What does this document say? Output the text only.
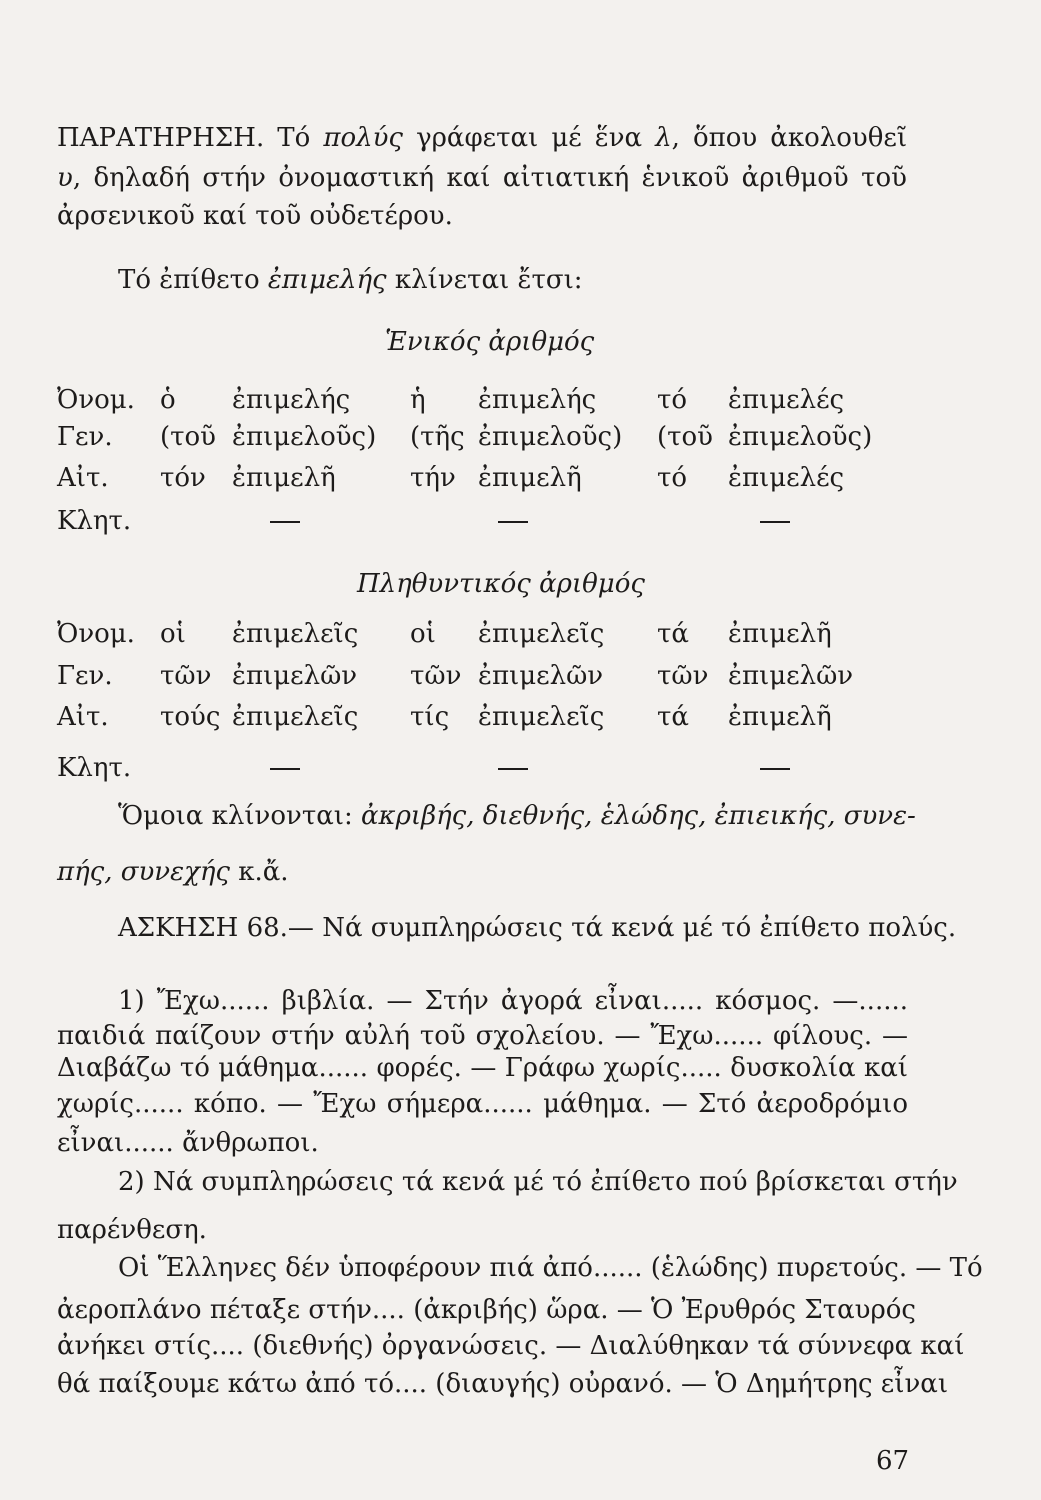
ΠΑΡΑΤΗΡΗΣΗ. Τό πολύς γράφεται μέ ἕνα λ, ὅπου ἀκολουθεῖ
υ, δηλαδή στήν ὀνομαστική καί αἰτιατική ἑνικοῦ ἀριθμοῦ τοῦ
ἀρσενικοῦ καί τοῦ οὐδετέρου.
Τό ἐπίθετο ἐπιμελής κλίνεται ἔτσι:
Ἑνικός ἀριθμός
Ὀνομ. ὁ ἐπιμελής ἡ ἐπιμελής τό ἐπιμελές
Γεν. (τοῦ ἐπιμελοῦς) (τῆς ἐπιμελοῦς) (τοῦ ἐπιμελοῦς)
Αἰτ. τόν ἐπιμελῆ	τήν ἐπιμελῆ	τό ἐπιμελές
Κλητ.
Πληθυντικός ἀριθμός
Ὀνομ. οἱ ἐπιμελεῖς οἱ ἐπιμελεῖς τά ἐπιμελῆ
Γεν. τῶν ἐπιμελῶν τῶν ἐπιμελῶν τῶν ἐπιμελῶν
Αἰτ. τούς ἐπιμελεῖς τίς ἐπιμελεῖς τά ἐπιμελῆ
Κλητ.
Ὅμοια κλίνονται: ἀκριβής, διεθνής, ἑλώδης, ἐπιεικής, συνε-
πής, συνεχής κ.ἄ.
ΑΣΚΗΣΗ 68.— Νά συμπληρώσεις τά κενά μέ τό ἐπίθετο πολύς.
1) Ἔχω...... βιβλία. — Στήν ἀγορά εἶναι..... κόσμος. —......
παιδιά παίζουν στήν αὐλή τοῦ σχολείου. — Ἔχω...... φίλους. —
Διαβάζω τό μάθημα...... φορές. — Γράφω χωρίς..... δυσκολία καί
χωρίς...... κόπο. — Ἔχω σήμερα...... μάθημα. — Στό ἀεροδρόμιο
εἶναι...... ἄνθρωποι.
2) Νά συμπληρώσεις τά κενά μέ τό ἐπίθετο πού βρίσκεται στήν
παρένθεση.
Οἱ Ἕλληνες δέν ὑποφέρουν πιά ἀπό...... (ἑλώδης) πυρετούς. — Τό
ἀεροπλάνο πέταξε στήν.... (ἀκριβής) ὥρα. — Ὁ Ἐρυθρός Σταυρός
ἀνήκει στίς.... (διεθνής) ὀργανώσεις. — Διαλύθηκαν τά σύννεφα καί
θά παίξουμε κάτω ἀπό τό.... (διαυγής) οὐρανό. — Ὁ Δημήτρης εἶναι
67
